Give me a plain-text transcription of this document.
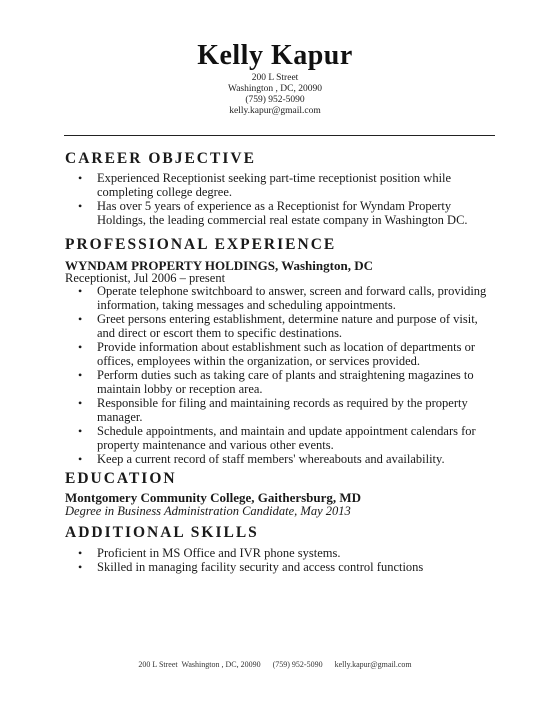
Kelly Kapur
200 L Street
Washington , DC, 20090
(759) 952-5090
kelly.kapur@gmail.com
CAREER OBJECTIVE
• Experienced Receptionist seeking part-time receptionist position while completing college degree.
• Has over 5 years of experience as a Receptionist for Wyndam Property Holdings, the leading commercial real estate company in Washington DC.
PROFESSIONAL EXPERIENCE
WYNDAM PROPERTY HOLDINGS, Washington, DC
Receptionist, Jul 2006 – present
• Operate telephone switchboard to answer, screen and forward calls, providing information, taking messages and scheduling appointments.
• Greet persons entering establishment, determine nature and purpose of visit, and direct or escort them to specific destinations.
• Provide information about establishment such as location of departments or offices, employees within the organization, or services provided.
• Perform duties such as taking care of plants and straightening magazines to maintain lobby or reception area.
• Responsible for filing and maintaining records as required by the property manager.
• Schedule appointments, and maintain and update appointment calendars for property maintenance and various other events.
• Keep a current record of staff members' whereabouts and availability.
EDUCATION
Montgomery Community College, Gaithersburg, MD
Degree in Business Administration Candidate, May 2013
ADDITIONAL SKILLS
• Proficient in MS Office and IVR phone systems.
• Skilled in managing facility security and access control functions
200 L Street  Washington , DC, 20090      (759) 952-5090      kelly.kapur@gmail.com
